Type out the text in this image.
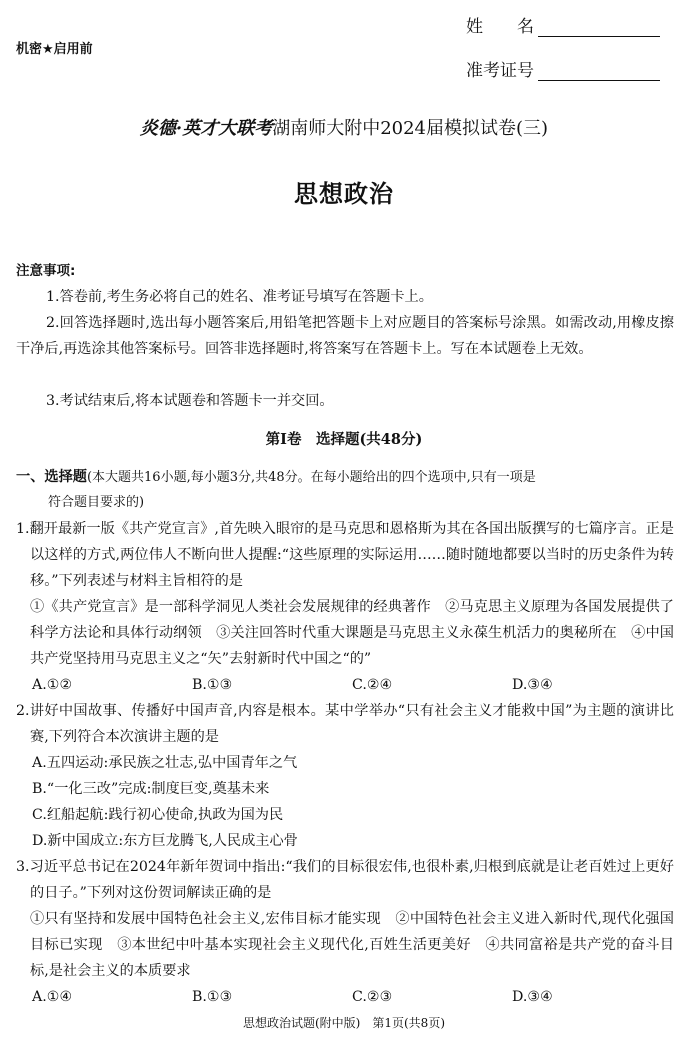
机密★启用前
姓　　名
准考证号
炎德·英才大联考湖南师大附中2024届模拟试卷(三)
思想政治
注意事项:
1.答卷前,考生务必将自己的姓名、准考证号填写在答题卡上。
2.回答选择题时,选出每小题答案后,用铅笔把答题卡上对应题目的答案标号涂黑。如需改动,用橡皮擦干净后,再选涂其他答案标号。回答非选择题时,将答案写在答题卡上。写在本试题卷上无效。
3.考试结束后,将本试题卷和答题卡一并交回。
第Ⅰ卷　选择题(共48分)
一、选择题(本大题共16小题,每小题3分,共48分。在每小题给出的四个选项中,只有一项是
符合题目要求的)
1.翻开最新一版《共产党宣言》,首先映入眼帘的是马克思和恩格斯为其在各国出版撰写的七篇序言。正是以这样的方式,两位伟人不断向世人提醒:“这些原理的实际运用……随时随地都要以当时的历史条件为转移。”下列表述与材料主旨相符的是
①《共产党宣言》是一部科学洞见人类社会发展规律的经典著作　②马克思主义原理为各国发展提供了科学方法论和具体行动纲领　③关注回答时代重大课题是马克思主义永葆生机活力的奥秘所在　④中国共产党坚持用马克思主义之“矢”去射新时代中国之“的”
A.①②	B.①③	C.②④	D.③④
2.讲好中国故事、传播好中国声音,内容是根本。某中学举办“只有社会主义才能救中国”为主题的演讲比赛,下列符合本次演讲主题的是
A.五四运动:承民族之壮志,弘中国青年之气
B.“一化三改”完成:制度巨变,奠基未来
C.红船起航:践行初心使命,执政为国为民
D.新中国成立:东方巨龙腾飞,人民成主心骨
3.习近平总书记在2024年新年贺词中指出:“我们的目标很宏伟,也很朴素,归根到底就是让老百姓过上更好的日子。”下列对这份贺词解读正确的是
①只有坚持和发展中国特色社会主义,宏伟目标才能实现　②中国特色社会主义进入新时代,现代化强国目标已实现　③本世纪中叶基本实现社会主义现代化,百姓生活更美好　④共同富裕是共产党的奋斗目标,是社会主义的本质要求
A.①④	B.①③	C.②③	D.③④
思想政治试题(附中版)　第1页(共8页)
